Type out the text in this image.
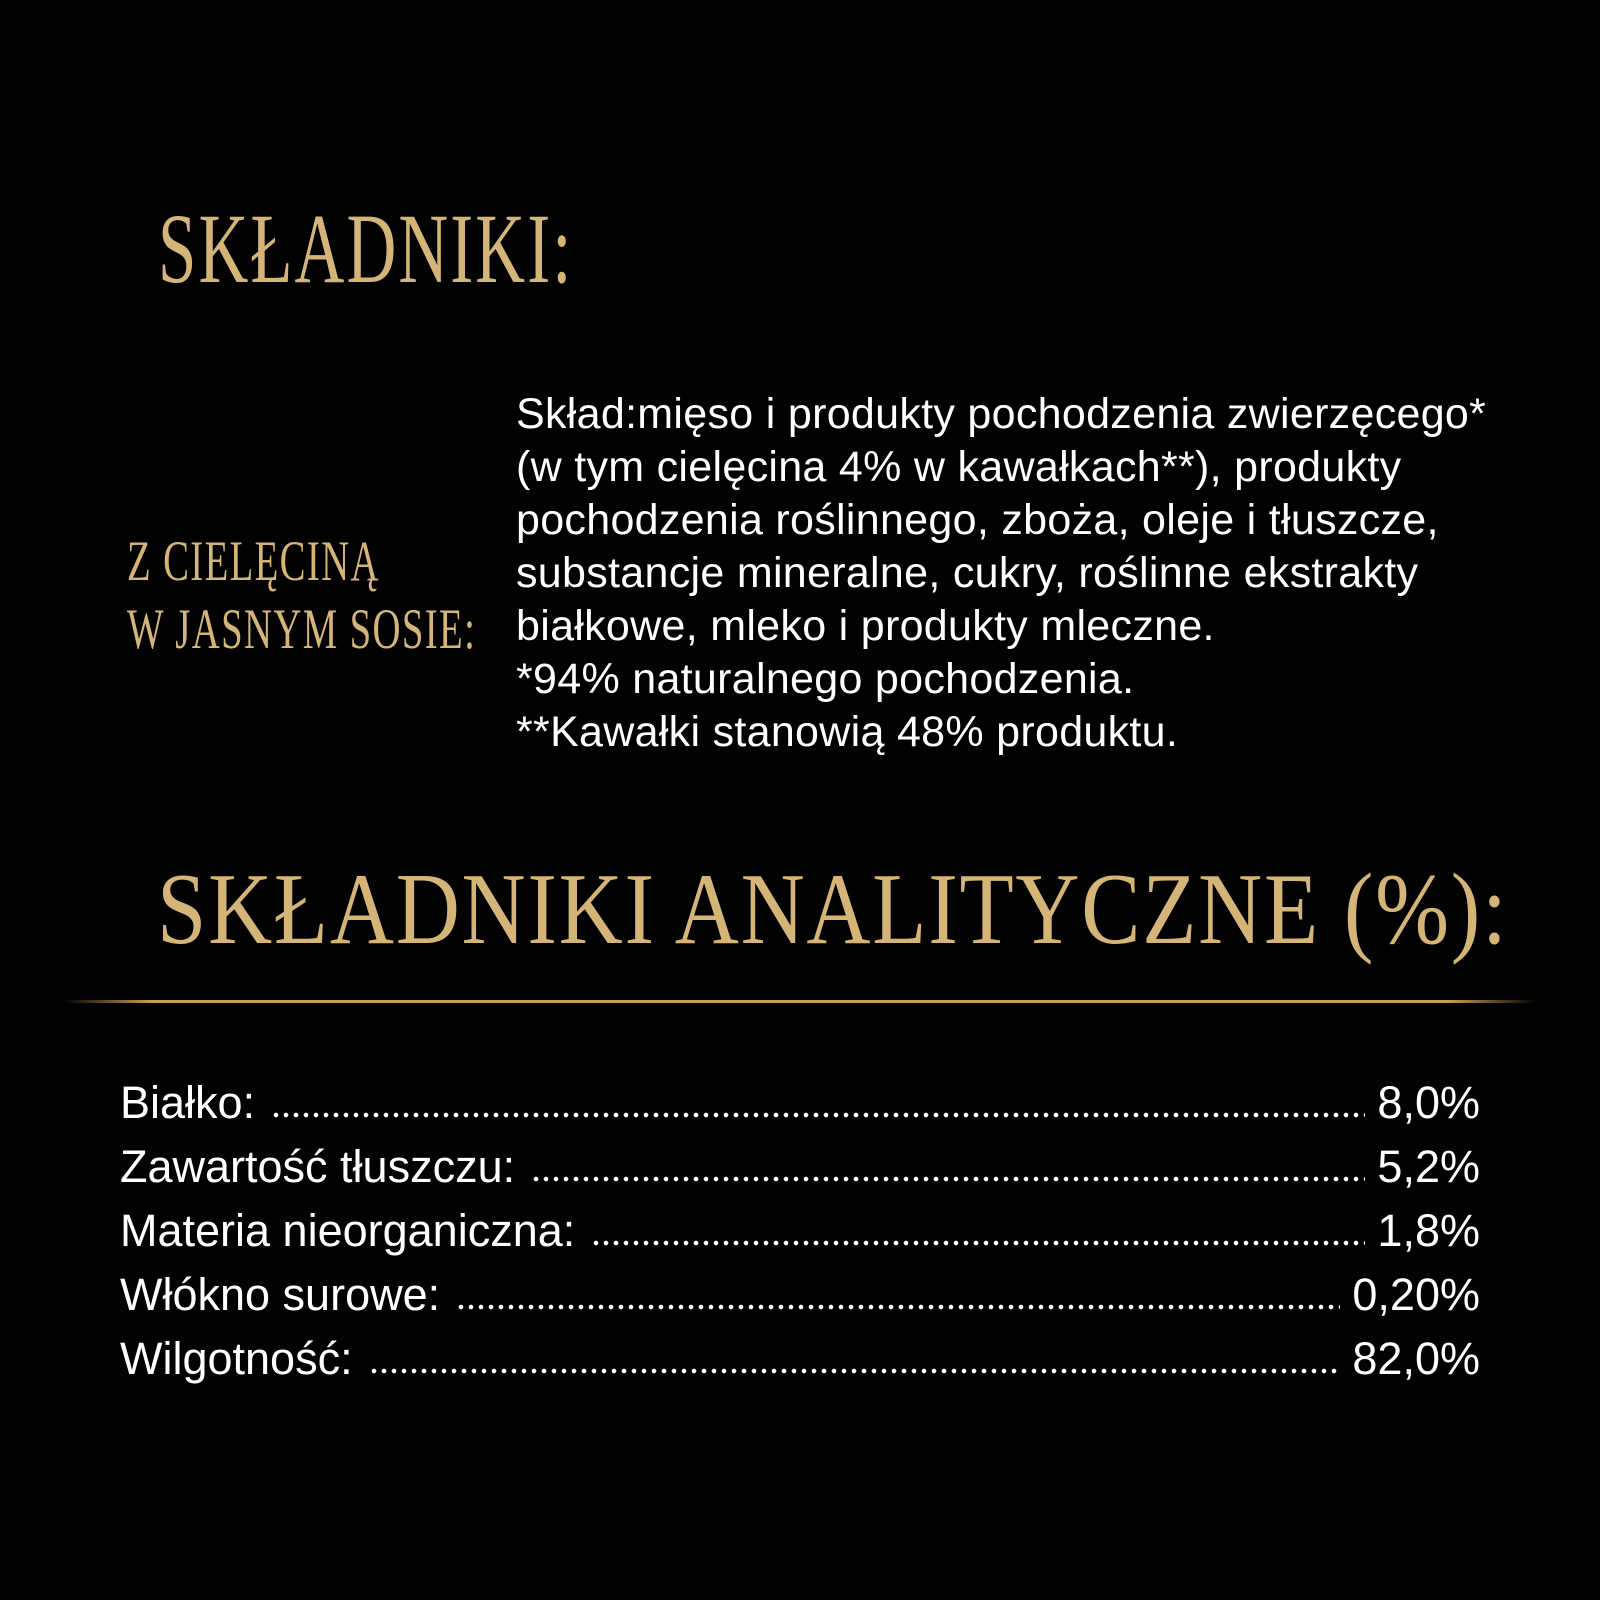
SKŁADNIKI:
Z CIELĘCINĄ
W JASNYM SOSIE:
Skład:mięso i produkty pochodzenia zwierzęcego*
(w tym cielęcina 4% w kawałkach**), produkty
pochodzenia roślinnego, zboża, oleje i tłuszcze,
substancje mineralne, cukry, roślinne ekstrakty
białkowe, mleko i produkty mleczne.
*94% naturalnego pochodzenia.
**Kawałki stanowią 48% produktu.
SKŁADNIKI ANALITYCZNE (%):
Białko:	8,0%
Zawartość tłuszczu:	5,2%
Materia nieorganiczna:	1,8%
Włókno surowe:	0,20%
Wilgotność:	82,0%
